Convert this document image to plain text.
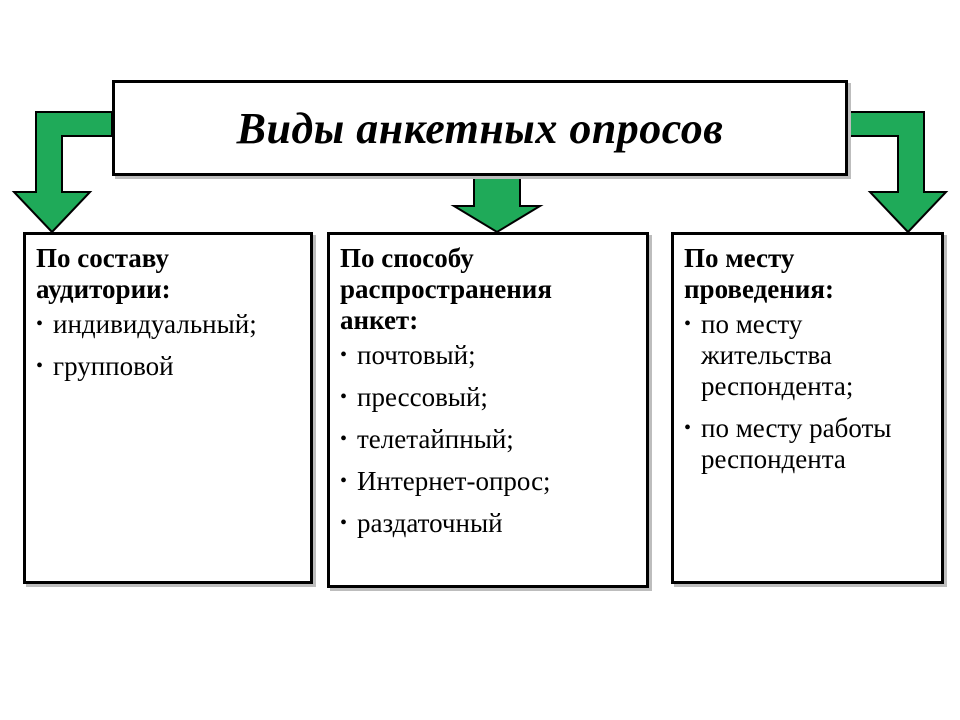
Виды анкетных опросов
По составу аудитории:
• индивидуальный;
• групповой
По способу распространения анкет:
• почтовый;
• прессовый;
• телетайпный;
• Интернет-опрос;
• раздаточный
По месту проведения:
• по месту жительства респондента;
• по месту работы респондента
